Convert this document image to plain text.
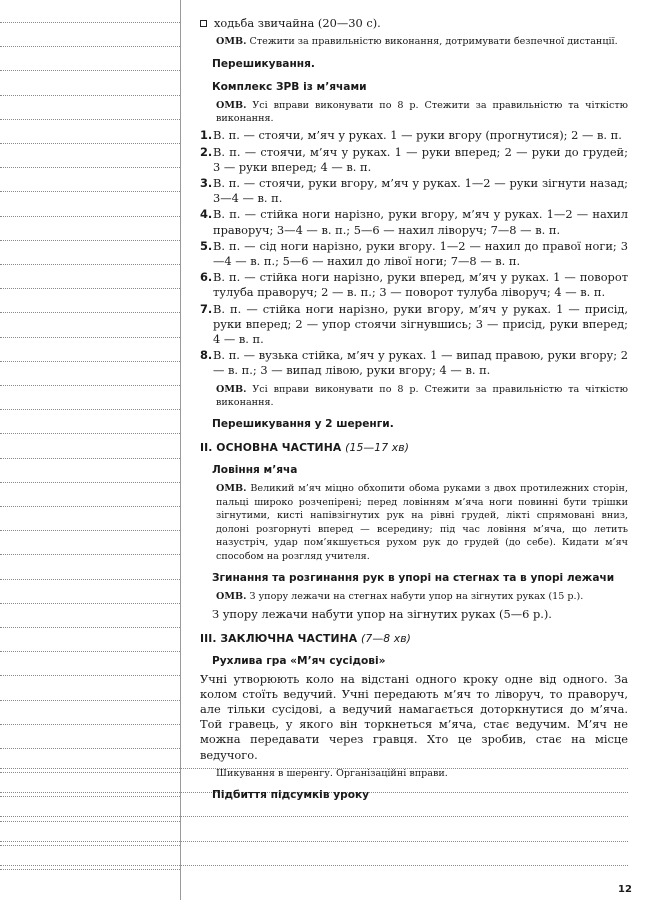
ходьба звичайна (20—30 с).

ОМВ. Стежити за правильністю виконання, дотримувати безпечної дистанції.

Перешикування.

Комплекс ЗРВ із м’ячами

ОМВ. Усі вправи виконувати по 8 р. Стежити за правильністю та чіткістю виконання.

1. В. п. — стоячи, м’яч у руках. 1 — руки вгору (прогнутися); 2 — в. п.
2. В. п. — стоячи, м’яч у руках. 1 — руки вперед; 2 — руки до грудей; 3 — руки вперед; 4 — в. п.
3. В. п. — стоячи, руки вгору, м’яч у руках. 1—2 — руки зігнути назад; 3—4 — в. п.
4. В. п. — стійка ноги нарізно, руки вгору, м’яч у руках. 1—2 — нахил праворуч; 3—4 — в. п.; 5—6 — нахил ліворуч; 7—8 — в. п.
5. В. п. — сід ноги нарізно, руки вгору. 1—2 — нахил до правої ноги; 3—4 — в. п.; 5—6 — нахил до лівої ноги; 7—8 — в. п.
6. В. п. — стійка ноги нарізно, руки вперед, м’яч у руках. 1 — поворот тулуба праворуч; 2 — в. п.; 3 — поворот тулуба ліворуч; 4 — в. п.
7. В. п. — стійка ноги нарізно, руки вгору, м’яч у руках. 1 — присід, руки вперед; 2 — упор стоячи зігнувшись; 3 — присід, руки вперед; 4 — в. п.
8. В. п. — вузька стійка, м’яч у руках. 1 — випад правою, руки вгору; 2 — в. п.; 3 — випад лівою, руки вгору; 4 — в. п.

ОМВ. Усі вправи виконувати по 8 р. Стежити за правильністю та чіткістю виконання.

Перешикування у 2 шеренги.

II. ОСНОВНА ЧАСТИНА (15—17 хв)

Ловіння м’яча

ОМВ. Великий м’яч міцно обхопити обома руками з двох протилежних сторін, пальці широко розчепірені; перед ловінням м’яча ноги повинні бути трішки зігнутими, кисті напівзігнутих рук на рівні грудей, лікті спрямовані вниз, долоні розгорнуті вперед — всередину; під час ловіння м’яча, що летить назустріч, удар пом’якшується рухом рук до грудей (до себе). Кидати м’яч способом на розгляд учителя.

Згинання та розгинання рук в упорі на стегнах та в упорі лежачи

ОМВ. З упору лежачи на стегнах набути упор на зігнутих руках (15 р.).

З упору лежачи набути упор на зігнутих руках (5—6 р.).

III. ЗАКЛЮЧНА ЧАСТИНА (7—8 хв)

Рухлива гра «М’яч сусідові»

Учні утворюють коло на відстані одного кроку одне від одного. За колом стоїть ведучий. Учні передають м’яч то ліворуч, то праворуч, але тільки сусідові, а ведучий намагається доторкнутися до м’яча. Той гравець, у якого він торкнеться м’яча, стає ведучим. М’яч не можна передавати через гравця. Хто це зробив, стає на місце ведучого.

Шикування в шеренгу. Організаційні вправи.

Підбиття підсумків уроку

12
